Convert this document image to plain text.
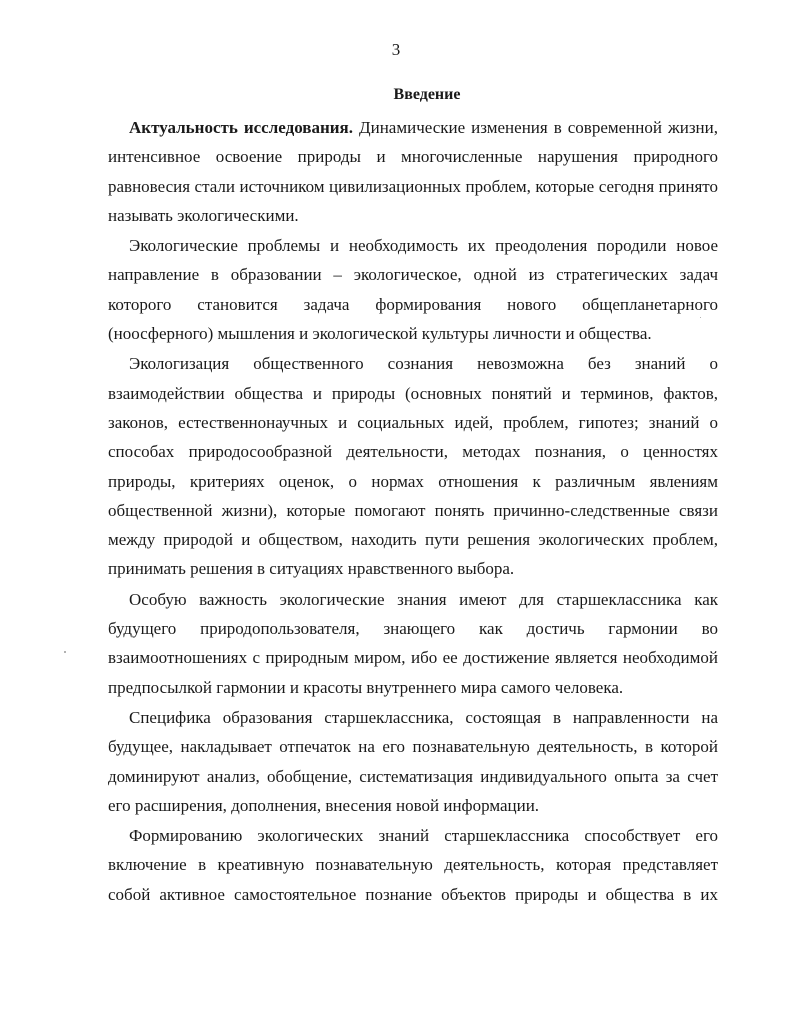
3
Введение

Актуальность исследования. Динамические изменения в современной жизни, интенсивное освоение природы и многочисленные нарушения природного равновесия стали источником цивилизационных проблем, которые сегодня принято называть экологическими.

Экологические проблемы и необходимость их преодоления породили новое направление в образовании – экологическое, одной из стратегических задач которого становится задача формирования нового общепланетарного (ноосферного) мышления и экологической культуры личности и общества.

Экологизация общественного сознания невозможна без знаний о взаимодействии общества и природы (основных понятий и терминов, фактов, законов, естественнонаучных и социальных идей, проблем, гипотез; знаний о способах природосообразной деятельности, методах познания, о ценностях природы, критериях оценок, о нормах отношения к различным явлениям общественной жизни), которые помогают понять причинно-следственные связи между природой и обществом, находить пути решения экологических проблем, принимать решения в ситуациях нравственного выбора.

Особую важность экологические знания имеют для старшеклассника как будущего природопользователя, знающего как достичь гармонии во взаимоотношениях с природным миром, ибо ее достижение является необходимой предпосылкой гармонии и красоты внутреннего мира самого человека.

Специфика образования старшеклассника, состоящая в направленности на будущее, накладывает отпечаток на его познавательную деятельность, в которой доминируют анализ, обобщение, систематизация индивидуального опыта за счет его расширения, дополнения, внесения новой информации.

Формированию экологических знаний старшеклассника способствует его включение в креативную познавательную деятельность, которая представляет собой активное самостоятельное познание объектов природы и общества в их
